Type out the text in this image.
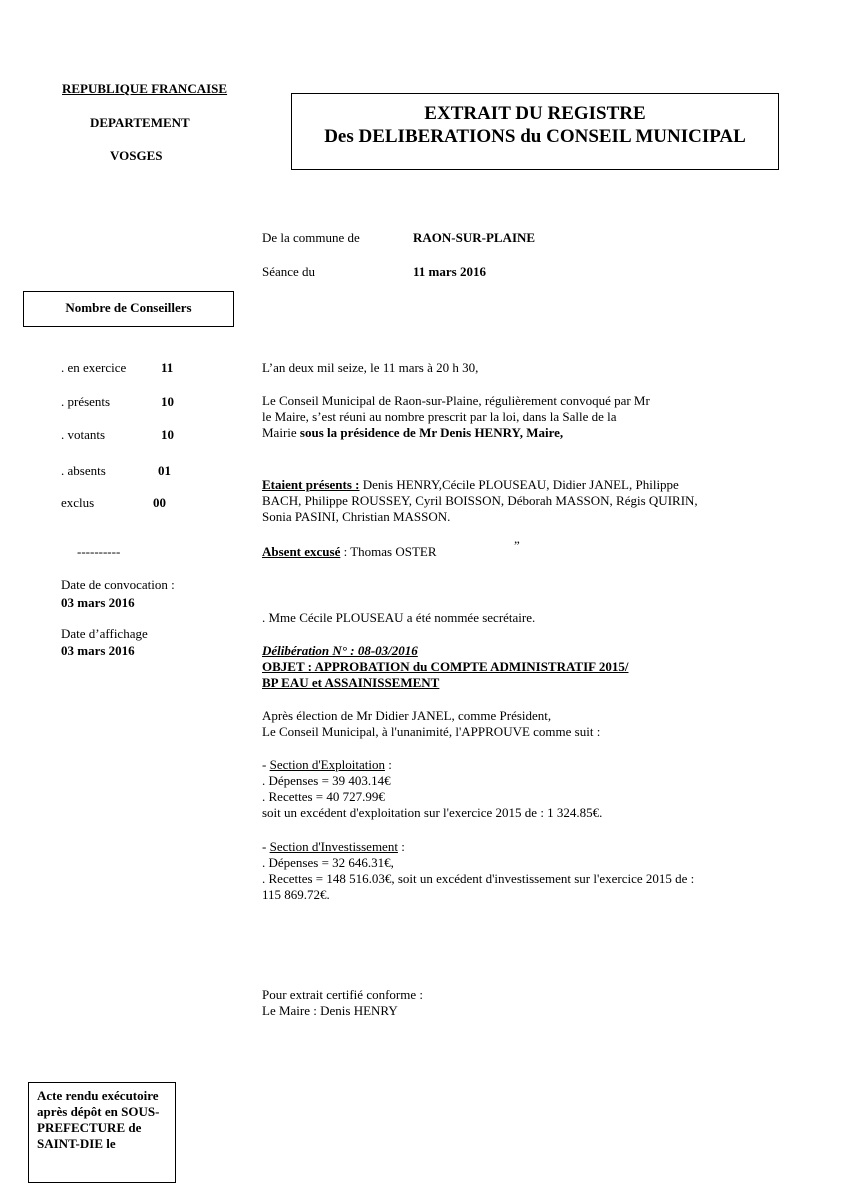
REPUBLIQUE FRANCAISE
DEPARTEMENT
VOSGES
EXTRAIT DU REGISTRE
Des DELIBERATIONS du CONSEIL MUNICIPAL
De la commune de	RAON-SUR-PLAINE
Séance du	11 mars 2016
Nombre de Conseillers
. en exercice	11
. présents	10
. votants	10
. absents	01
exclus	00
----------
Date de convocation :
03 mars 2016
Date d’affichage
03 mars 2016
L’an deux mil seize, le 11 mars à 20 h 30,
Le Conseil Municipal de Raon-sur-Plaine, régulièrement convoqué par Mr
le Maire, s’est réuni au nombre prescrit par la loi, dans la Salle de la
Mairie sous la présidence de Mr Denis HENRY, Maire,
Etaient présents : Denis HENRY,Cécile PLOUSEAU, Didier JANEL, Philippe
BACH, Philippe ROUSSEY, Cyril BOISSON, Déborah MASSON, Régis QUIRIN,
Sonia PASINI, Christian MASSON.
„
Absent excusé : Thomas OSTER
. Mme Cécile PLOUSEAU a été nommée secrétaire.
Délibération N° : 08-03/2016
OBJET : APPROBATION du COMPTE ADMINISTRATIF 2015/
BP EAU et ASSAINISSEMENT
Après élection de Mr Didier JANEL, comme Président,
Le Conseil Municipal, à l'unanimité, l'APPROUVE comme suit :
- Section d'Exploitation :
. Dépenses = 39 403.14€
. Recettes = 40 727.99€
soit un excédent d'exploitation sur l'exercice 2015 de : 1 324.85€.
- Section d'Investissement :
. Dépenses = 32 646.31€,
. Recettes = 148 516.03€, soit un excédent d'investissement sur l'exercice 2015 de :
115 869.72€.
Pour extrait certifié conforme :
Le Maire : Denis HENRY
Acte rendu exécutoire
après dépôt en SOUS-
PREFECTURE de
SAINT-DIE le
